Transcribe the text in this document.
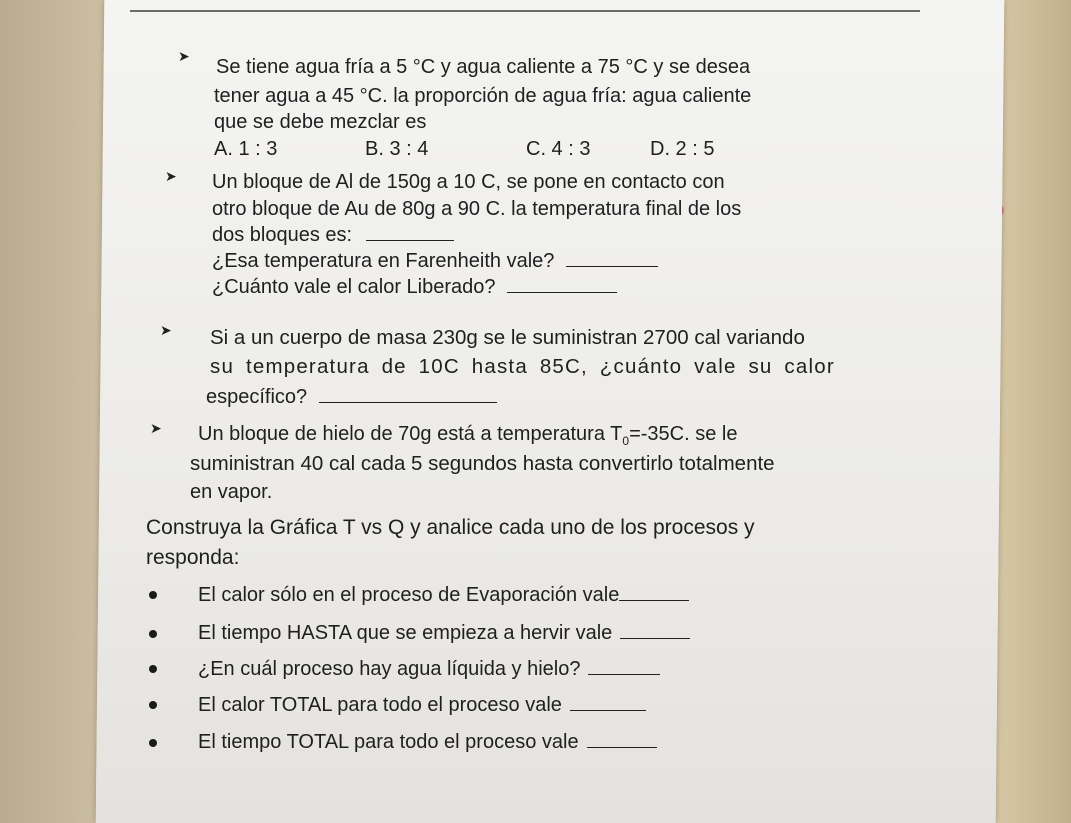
➤ Se tiene agua fría a 5 °C y agua caliente a 75 °C y se desea
tener agua a 45 °C. la proporción de agua fría: agua caliente
que se debe mezclar es
A. 1 : 3	B. 3 : 4	C. 4 : 3	D. 2 : 5
➤ Un bloque de Al de 150g a 10 C, se pone en contacto con
otro bloque de Au de 80g a 90 C. la temperatura final de los
dos bloques es:
¿Esa temperatura en Farenheith vale?
¿Cuánto vale el calor Liberado?
➤ Si a un cuerpo de masa 230g se le suministran 2700 cal variando
su temperatura de 10C hasta 85C, ¿cuánto vale su calor
específico?
➤ Un bloque de hielo de 70g está a temperatura $T_0=-35C$. se le
suministran 40 cal cada 5 segundos hasta convertirlo totalmente
en vapor.
Construya la Gráfica T vs Q y analice cada uno de los procesos y
responda:
El calor sólo en el proceso de Evaporación vale
El tiempo HASTA que se empieza a hervir vale
¿En cuál proceso hay agua líquida y hielo?
El calor TOTAL para todo el proceso vale
El tiempo TOTAL para todo el proceso vale
